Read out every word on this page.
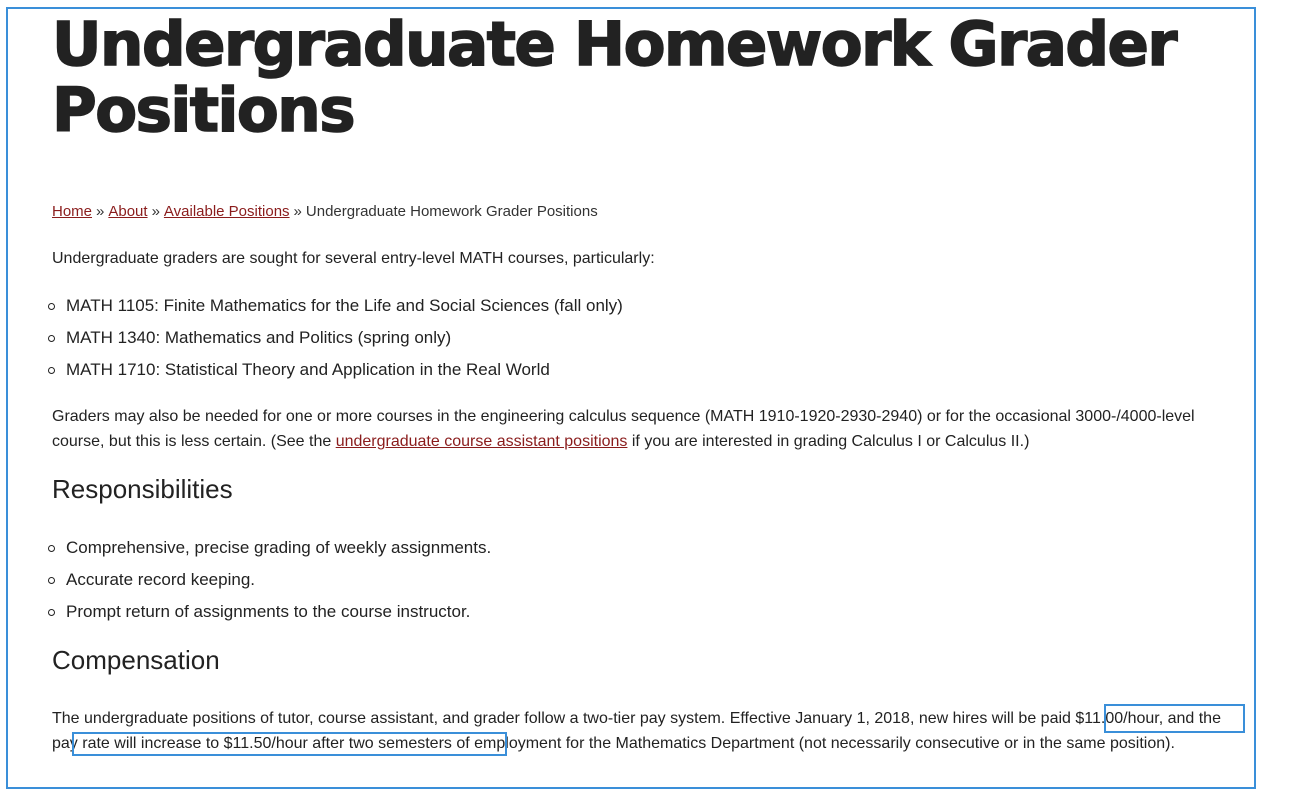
Undergraduate Homework Grader Positions
Home » About » Available Positions » Undergraduate Homework Grader Positions

Undergraduate graders are sought for several entry-level MATH courses, particularly:

MATH 1105: Finite Mathematics for the Life and Social Sciences (fall only)
MATH 1340: Mathematics and Politics (spring only)
MATH 1710: Statistical Theory and Application in the Real World

Graders may also be needed for one or more courses in the engineering calculus sequence (MATH 1910-1920-2930-2940) or for the occasional 3000-/4000-level course, but this is less certain. (See the undergraduate course assistant positions if you are interested in grading Calculus I or Calculus II.)

Responsibilities
Comprehensive, precise grading of weekly assignments.
Accurate record keeping.
Prompt return of assignments to the course instructor.
Compensation

The undergraduate positions of tutor, course assistant, and grader follow a two-tier pay system. Effective January 1, 2018, new hires will be paid $11.00/hour, and the pay rate will increase to $11.50/hour after two semesters of employment for the Mathematics Department (not necessarily consecutive or in the same position).
